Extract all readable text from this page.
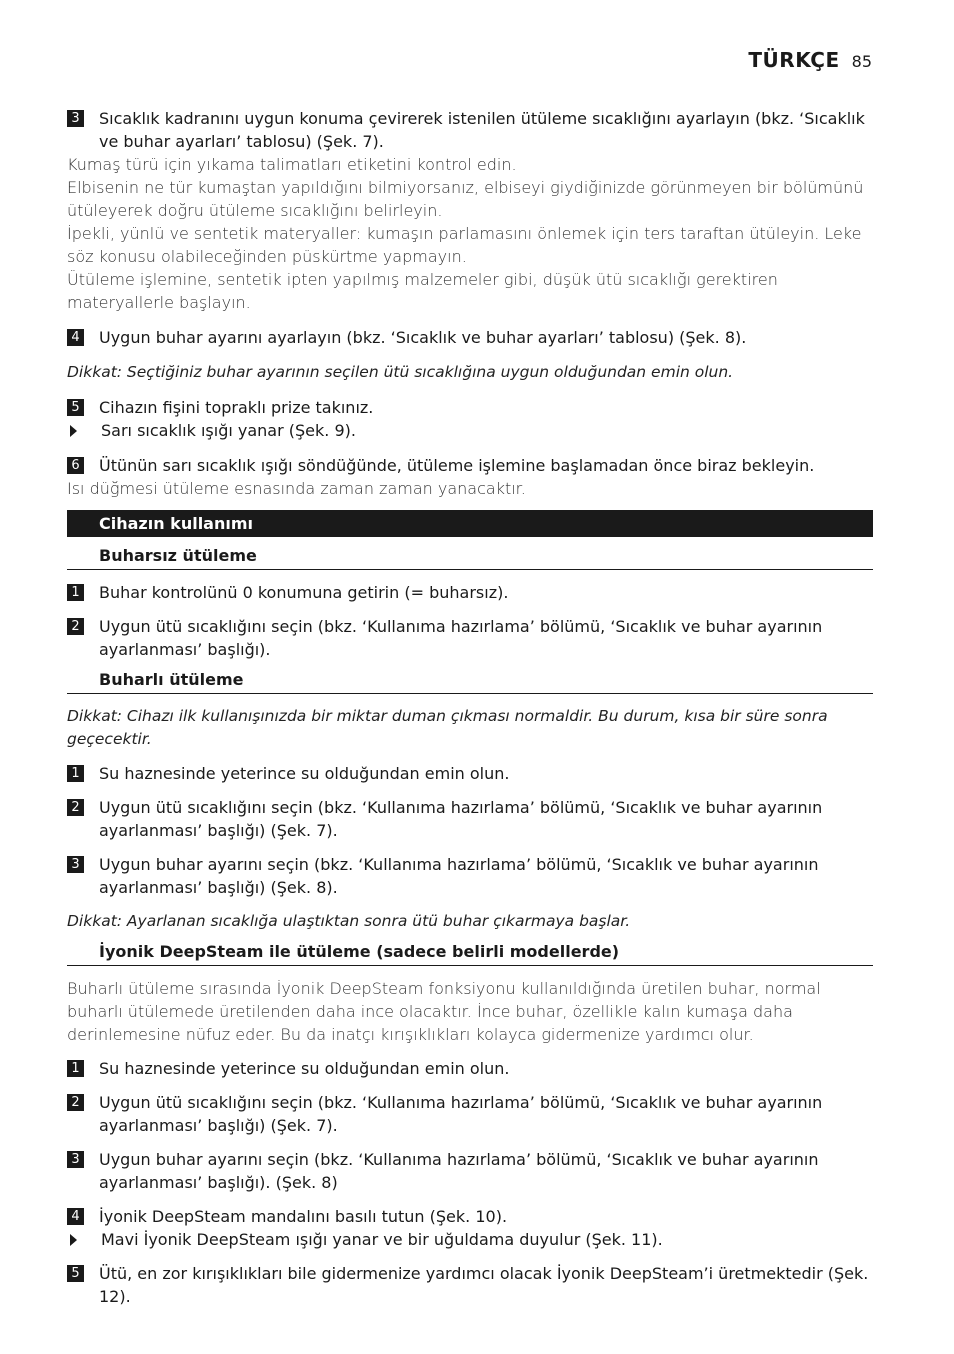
TÜRKÇE 85
3 Sıcaklık kadranını uygun konuma çevirerek istenilen ütüleme sıcaklığını ayarlayın (bkz. ‘Sıcaklık ve buhar ayarları’ tablosu) (Şek. 7).

Kumaş türü için yıkama talimatları etiketini kontrol edin.

Elbisenin ne tür kumaştan yapıldığını bilmiyorsanız, elbiseyi giydiğinizde görünmeyen bir bölümünü ütüleyerek doğru ütüleme sıcaklığını belirleyin.

İpekli, yünlü ve sentetik materyaller: kumaşın parlamasını önlemek için ters taraftan ütüleyin. Leke söz konusu olabileceğinden püskürtme yapmayın.

Ütüleme işlemine, sentetik ipten yapılmış malzemeler gibi, düşük ütü sıcaklığı gerektiren materyallerle başlayın.

4 Uygun buhar ayarını ayarlayın (bkz. ‘Sıcaklık ve buhar ayarları’ tablosu) (Şek. 8).

Dikkat: Seçtiğiniz buhar ayarının seçilen ütü sıcaklığına uygun olduğundan emin olun.

5 Cihazın fişini topraklı prize takınız.
Sarı sıcaklık ışığı yanar (Şek. 9).
6 Ütünün sarı sıcaklık ışığı söndüğünde, ütüleme işlemine başlamadan önce biraz bekleyin.

Isı düğmesi ütüleme esnasında zaman zaman yanacaktır.

Cihazın kullanımı
Buharsız ütüleme
1 Buhar kontrolünü 0 konumuna getirin (= buharsız).
2 Uygun ütü sıcaklığını seçin (bkz. ‘Kullanıma hazırlama’ bölümü, ‘Sıcaklık ve buhar ayarının ayarlanması’ başlığı).
Buharlı ütüleme

Dikkat: Cihazı ilk kullanışınızda bir miktar duman çıkması normaldir. Bu durum, kısa bir süre sonra geçecektir.

1 Su haznesinde yeterince su olduğundan emin olun.
2 Uygun ütü sıcaklığını seçin (bkz. ‘Kullanıma hazırlama’ bölümü, ‘Sıcaklık ve buhar ayarının ayarlanması’ başlığı) (Şek. 7).
3 Uygun buhar ayarını seçin (bkz. ‘Kullanıma hazırlama’ bölümü, ‘Sıcaklık ve buhar ayarının ayarlanması’ başlığı) (Şek. 8).

Dikkat: Ayarlanan sıcaklığa ulaştıktan sonra ütü buhar çıkarmaya başlar.

İyonik DeepSteam ile ütüleme (sadece belirli modellerde)

Buharlı ütüleme sırasında İyonik DeepSteam fonksiyonu kullanıldığında üretilen buhar, normal buharlı ütülemede üretilenden daha ince olacaktır. İnce buhar, özellikle kalın kumaşa daha derinlemesine nüfuz eder. Bu da inatçı kırışıklıkları kolayca gidermenize yardımcı olur.

1 Su haznesinde yeterince su olduğundan emin olun.
2 Uygun ütü sıcaklığını seçin (bkz. ‘Kullanıma hazırlama’ bölümü, ‘Sıcaklık ve buhar ayarının ayarlanması’ başlığı) (Şek. 7).
3 Uygun buhar ayarını seçin (bkz. ‘Kullanıma hazırlama’ bölümü, ‘Sıcaklık ve buhar ayarının ayarlanması’ başlığı). (Şek. 8)
4 İyonik DeepSteam mandalını basılı tutun (Şek. 10).
Mavi İyonik DeepSteam ışığı yanar ve bir uğuldama duyulur (Şek. 11).
5 Ütü, en zor kırışıklıkları bile gidermenize yardımcı olacak İyonik DeepSteam’i üretmektedir (Şek. 12).
